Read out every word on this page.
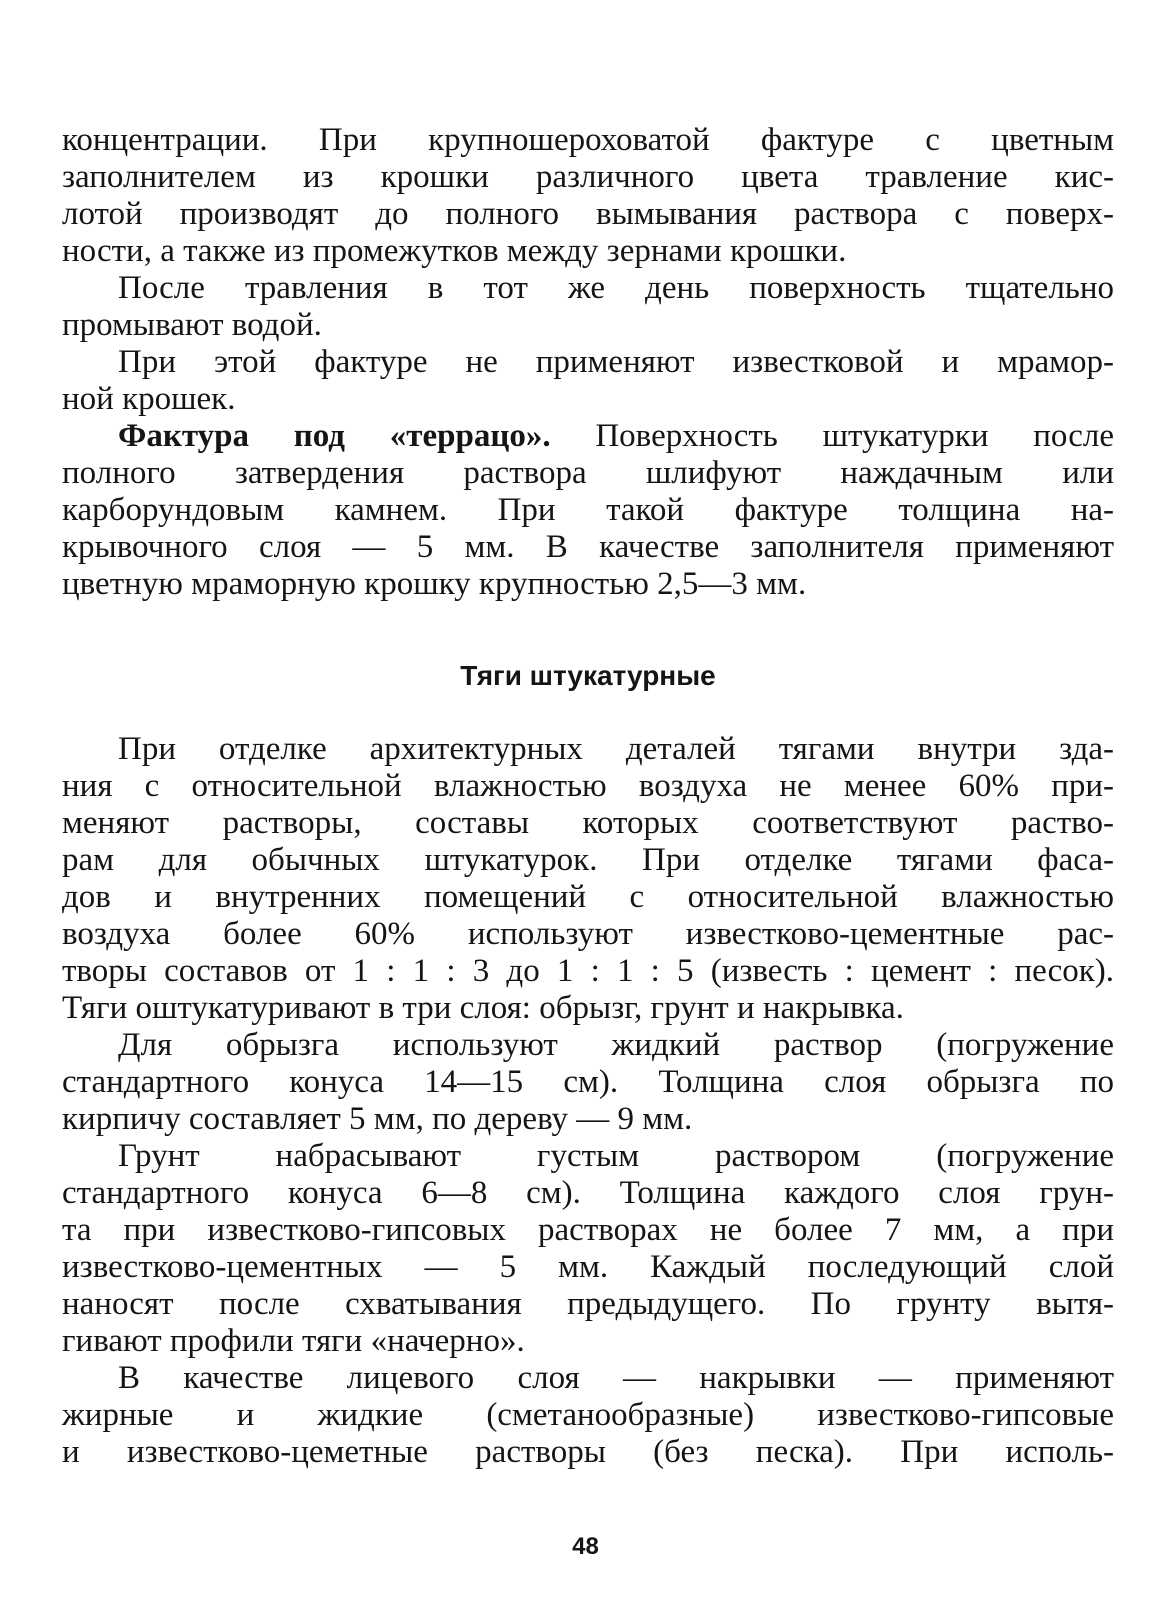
концентрации. При крупношероховатой фактуре с цветным
заполнителем из крошки различного цвета травление кис-
лотой производят до полного вымывания раствора с поверх-
ности, а также из промежутков между зернами крошки.

После травления в тот же день поверхность тщательно
промывают водой.

При этой фактуре не применяют известковой и мрамор-
ной крошек.

Фактура под «террацо». Поверхность штукатурки после
полного затвердения раствора шлифуют наждачным или
карборундовым камнем. При такой фактуре толщина на-
крывочного слоя — 5 мм. В качестве заполнителя применяют
цветную мраморную крошку крупностью 2,5—3 мм.

Тяги штукатурные

При отделке архитектурных деталей тягами внутри зда-
ния с относительной влажностью воздуха не менее 60% при-
меняют растворы, составы которых соответствуют раство-
рам для обычных штукатурок. При отделке тягами фаса-
дов и внутренних помещений с относительной влажностью
воздуха более 60% используют известково-цементные рас-
творы составов от 1 : 1 : 3 до 1 : 1 : 5 (известь : цемент : песок).
Тяги оштукатуривают в три слоя: обрызг, грунт и накрывка.

Для обрызга используют жидкий раствор (погружение
стандартного конуса 14—15 см). Толщина слоя обрызга по
кирпичу составляет 5 мм, по дереву — 9 мм.

Грунт набрасывают густым раствором (погружение
стандартного конуса 6—8 см). Толщина каждого слоя грун-
та при известково-гипсовых растворах не более 7 мм, а при
известково-цементных — 5 мм. Каждый последующий слой
наносят после схватывания предыдущего. По грунту вытя-
гивают профили тяги «начерно».

В качестве лицевого слоя — накрывки — применяют
жирные и жидкие (сметанообразные) известково-гипсовые
и известково-цеметные растворы (без песка). При исполь-

48
